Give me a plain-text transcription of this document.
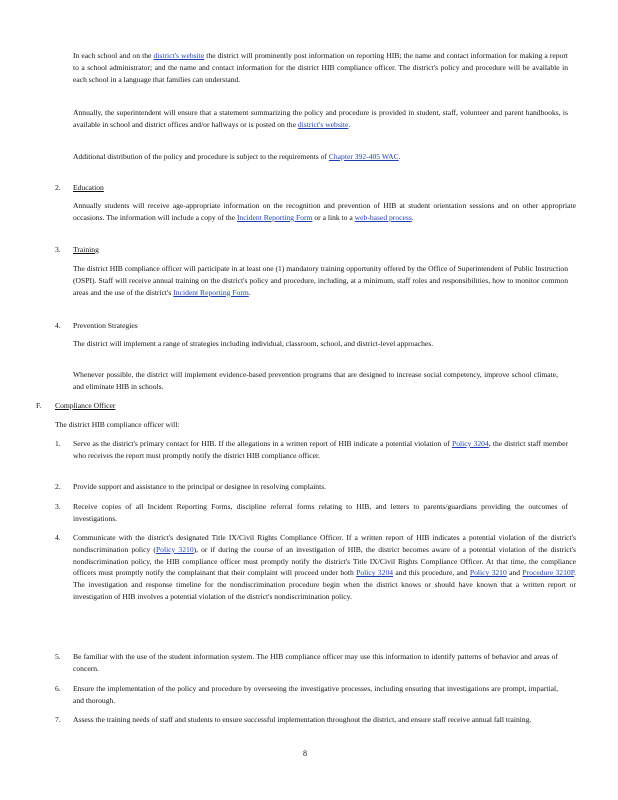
In each school and on the district's website the district will prominently post information on reporting HIB; the name and contact information for making a report to a school administrator; and the name and contact information for the district HIB compliance officer. The district's policy and procedure will be available in each school in a language that families can understand.
Annually, the superintendent will ensure that a statement summarizing the policy and procedure is provided in student, staff, volunteer and parent handbooks, is available in school and district offices and/or hallways or is posted on the district's website.
Additional distribution of the policy and procedure is subject to the requirements of Chapter 392-405 WAC.
2. Education
Annually students will receive age-appropriate information on the recognition and prevention of HIB at student orientation sessions and on other appropriate occasions. The information will include a copy of the Incident Reporting Form or a link to a web-based process.
3. Training
The district HIB compliance officer will participate in at least one (1) mandatory training opportunity offered by the Office of Superintendent of Public Instruction (OSPI). Staff will receive annual training on the district's policy and procedure, including, at a minimum, staff roles and responsibilities, how to monitor common areas and the use of the district's Incident Reporting Form.
4. Prevention Strategies
The district will implement a range of strategies including individual, classroom, school, and district-level approaches.
Whenever possible, the district will implement evidence-based prevention programs that are designed to increase social competency, improve school climate, and eliminate HIB in schools.
F. Compliance Officer
The district HIB compliance officer will:
1. Serve as the district's primary contact for HIB. If the allegations in a written report of HIB indicate a potential violation of Policy 3204, the district staff member who receives the report must promptly notify the district HIB compliance officer.
2. Provide support and assistance to the principal or designee in resolving complaints.
3. Receive copies of all Incident Reporting Forms, discipline referral forms relating to HIB, and letters to parents/guardians providing the outcomes of investigations.
4. Communicate with the district's designated Title IX/Civil Rights Compliance Officer. If a written report of HIB indicates a potential violation of the district's nondiscrimination policy (Policy 3210), or if during the course of an investigation of HIB, the district becomes aware of a potential violation of the district's nondiscrimination policy, the HIB compliance officer must promptly notify the district's Title IX/Civil Rights Compliance Officer. At that time, the compliance officers must promptly notify the complainant that their complaint will proceed under both Policy 3204 and this procedure, and Policy 3210 and Procedure 3210P. The investigation and response timeline for the nondiscrimination procedure begin when the district knows or should have known that a written report or investigation of HIB involves a potential violation of the district's nondiscrimination policy.
5. Be familiar with the use of the student information system. The HIB compliance officer may use this information to identify patterns of behavior and areas of concern.
6. Ensure the implementation of the policy and procedure by overseeing the investigative processes, including ensuring that investigations are prompt, impartial, and thorough.
7. Assess the training needs of staff and students to ensure successful implementation throughout the district, and ensure staff receive annual fall training.
8
